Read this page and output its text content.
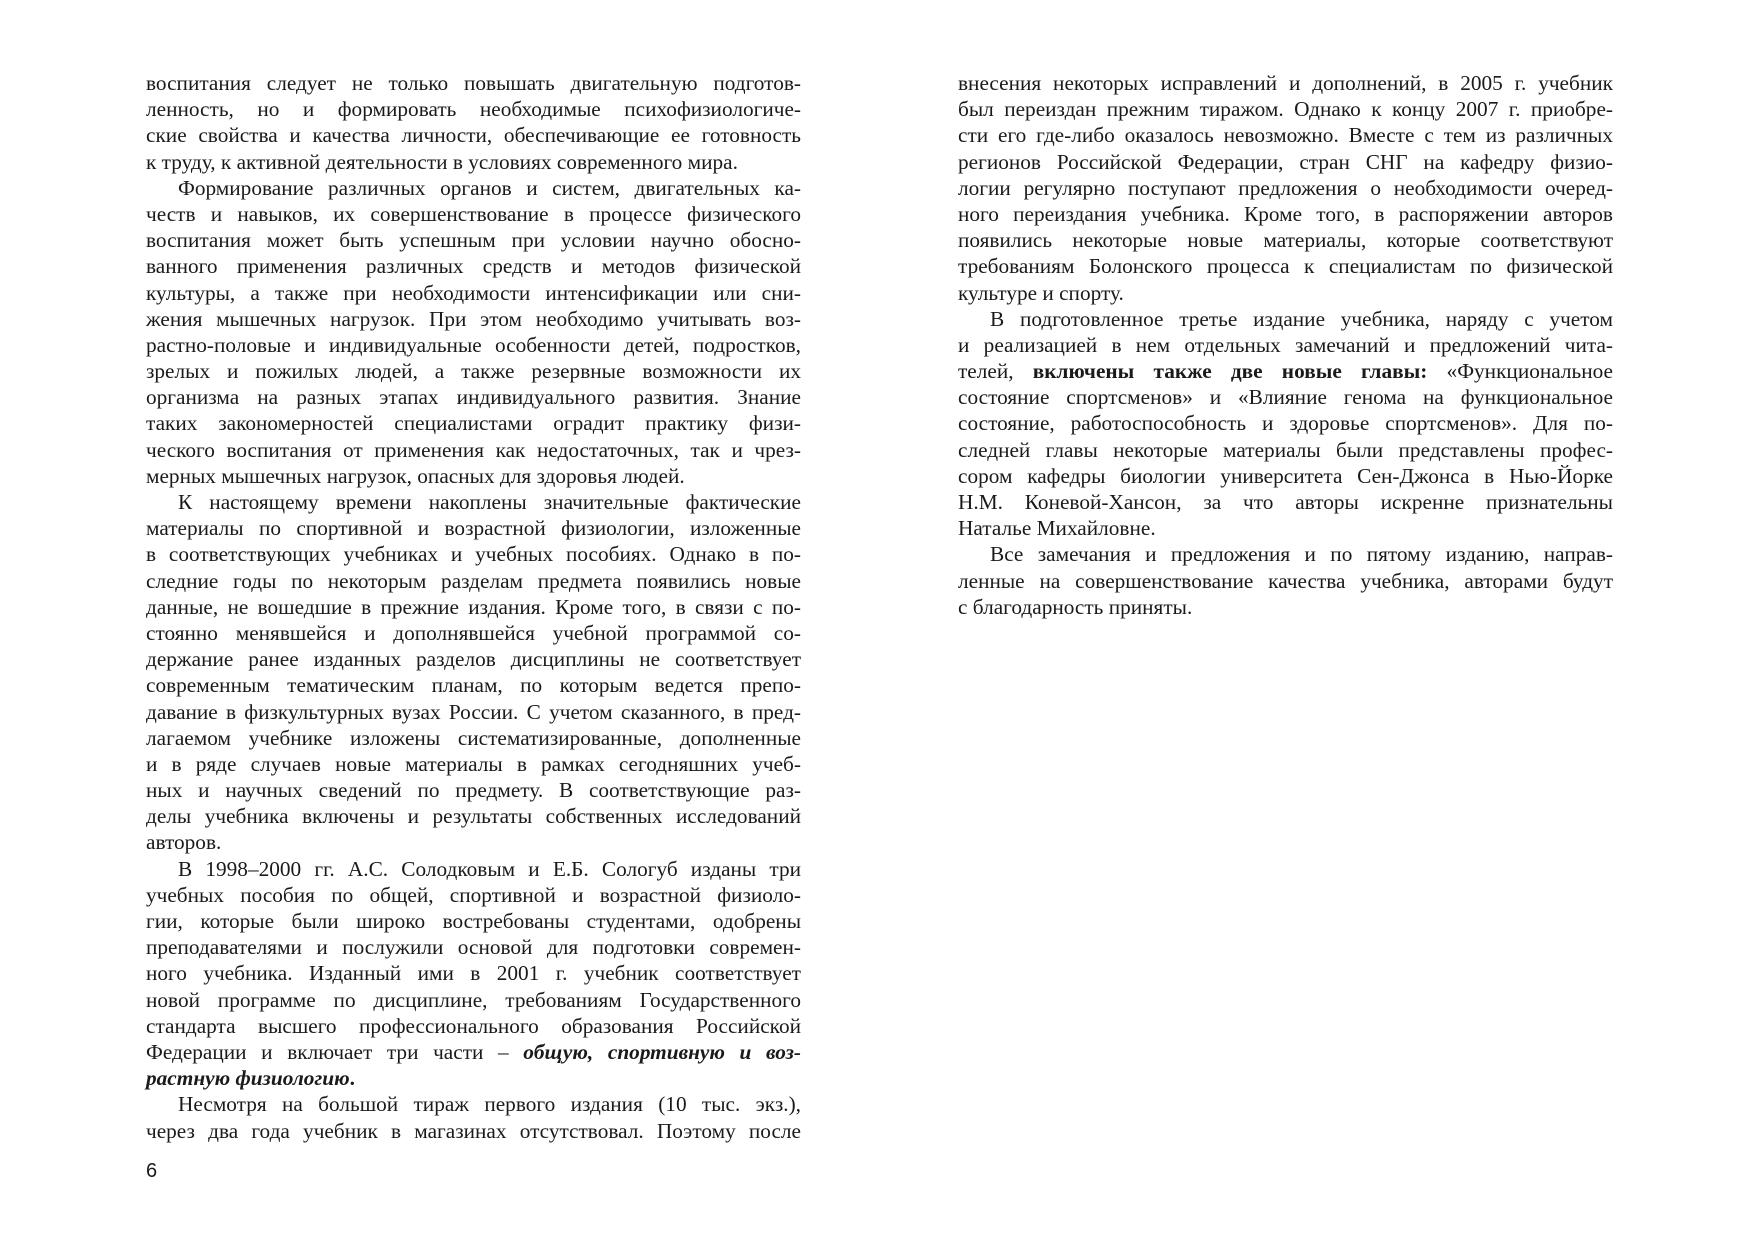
воспитания следует не только повышать двигательную подготов-
ленность, но и формировать необходимые психофизиологиче-
ские свойства и качества личности, обеспечивающие ее готовность
к труду, к активной деятельности в условиях современного мира.
Формирование различных органов и систем, двигательных ка-
честв и навыков, их совершенствование в процессе физического
воспитания может быть успешным при условии научно обосно-
ванного применения различных средств и методов физической
культуры, а также при необходимости интенсификации или сни-
жения мышечных нагрузок. При этом необходимо учитывать воз-
растно-половые и индивидуальные особенности детей, подростков,
зрелых и пожилых людей, а также резервные возможности их
организма на разных этапах индивидуального развития. Знание
таких закономерностей специалистами оградит практику физи-
ческого воспитания от применения как недостаточных, так и чрез-
мерных мышечных нагрузок, опасных для здоровья людей.
К настоящему времени накоплены значительные фактические
материалы по спортивной и возрастной физиологии, изложенные
в соответствующих учебниках и учебных пособиях. Однако в по-
следние годы по некоторым разделам предмета появились новые
данные, не вошедшие в прежние издания. Кроме того, в связи с по-
стоянно менявшейся и дополнявшейся учебной программой со-
держание ранее изданных разделов дисциплины не соответствует
современным тематическим планам, по которым ведется препо-
давание в физкультурных вузах России. С учетом сказанного, в пред-
лагаемом учебнике изложены систематизированные, дополненные
и в ряде случаев новые материалы в рамках сегодняшних учеб-
ных и научных сведений по предмету. В соответствующие раз-
делы учебника включены и результаты собственных исследований
авторов.
В 1998–2000 гг. А.С. Солодковым и Е.Б. Сологуб изданы три
учебных пособия по общей, спортивной и возрастной физиоло-
гии, которые были широко востребованы студентами, одобрены
преподавателями и послужили основой для подготовки современ-
ного учебника. Изданный ими в 2001 г. учебник соответствует
новой программе по дисциплине, требованиям Государственного
стандарта высшего профессионального образования Российской
Федерации и включает три части – общую, спортивную и воз-
растную физиологию.
Несмотря на большой тираж первого издания (10 тыс. экз.),
через два года учебник в магазинах отсутствовал. Поэтому после
внесения некоторых исправлений и дополнений, в 2005 г. учебник
был переиздан прежним тиражом. Однако к концу 2007 г. приобре-
сти его где-либо оказалось невозможно. Вместе с тем из различных
регионов Российской Федерации, стран СНГ на кафедру физио-
логии регулярно поступают предложения о необходимости очеред-
ного переиздания учебника. Кроме того, в распоряжении авторов
появились некоторые новые материалы, которые соответствуют
требованиям Болонского процесса к специалистам по физической
культуре и спорту.
В подготовленное третье издание учебника, наряду с учетом
и реализацией в нем отдельных замечаний и предложений чита-
телей, включены также две новые главы: «Функциональное
состояние спортсменов» и «Влияние генома на функциональное
состояние, работоспособность и здоровье спортсменов». Для по-
следней главы некоторые материалы были представлены профес-
сором кафедры биологии университета Сен-Джонса в Нью-Йорке
Н.М. Коневой-Хансон, за что авторы искренне признательны
Наталье Михайловне.
Все замечания и предложения и по пятому изданию, направ-
ленные на совершенствование качества учебника, авторами будут
с благодарность приняты.
6
